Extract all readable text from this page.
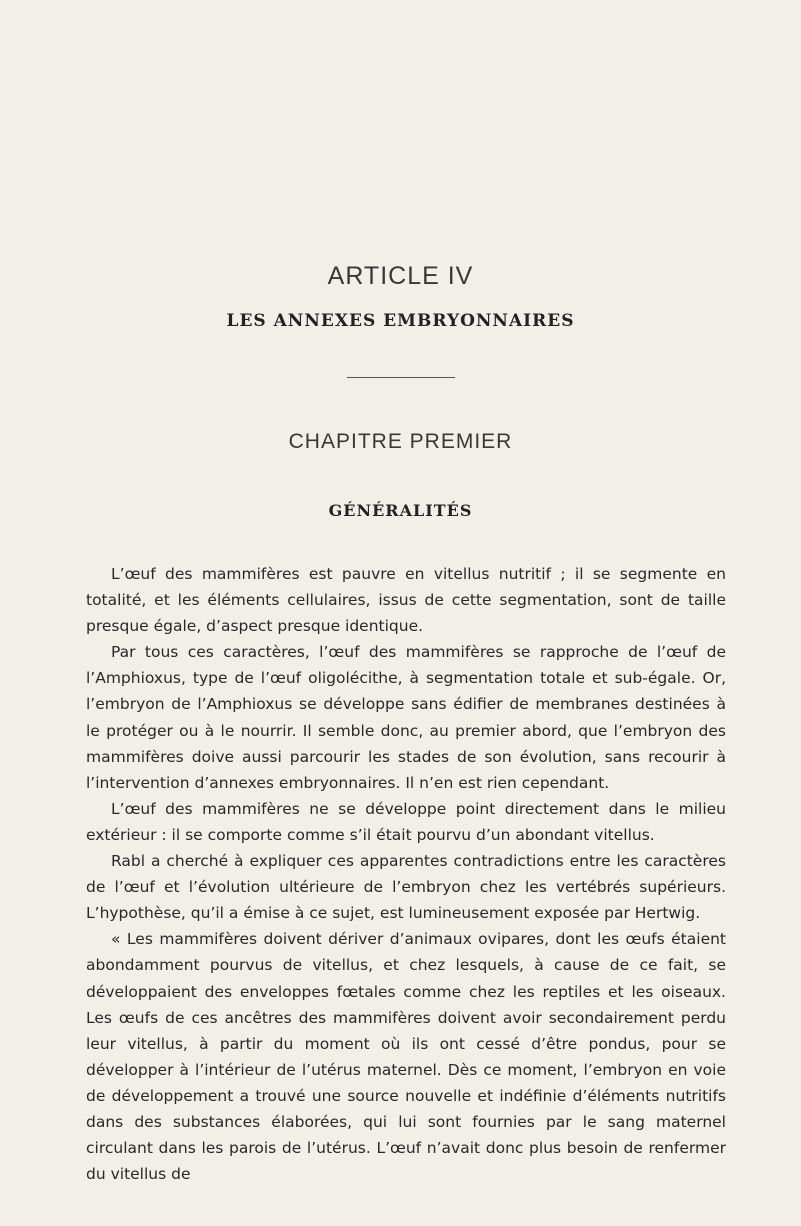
ARTICLE IV
LES ANNEXES EMBRYONNAIRES
CHAPITRE PREMIER
GÉNÉRALITÉS

L’œuf des mammifères est pauvre en vitellus nutritif ; il se segmente en totalité, et les éléments cellulaires, issus de cette segmentation, sont de taille presque égale, d’aspect presque identique.

Par tous ces caractères, l’œuf des mammifères se rapproche de l’œuf de l’Amphioxus, type de l’œuf oligolécithe, à segmentation totale et sub-égale. Or, l’embryon de l’Amphioxus se développe sans édifier de membranes destinées à le protéger ou à le nourrir. Il semble donc, au premier abord, que l’embryon des mammifères doive aussi parcourir les stades de son évolution, sans recourir à l’intervention d’annexes embryonnaires. Il n’en est rien cependant.

L’œuf des mammifères ne se développe point directement dans le milieu extérieur : il se comporte comme s’il était pourvu d’un abondant vitellus.

Rabl a cherché à expliquer ces apparentes contradictions entre les caractères de l’œuf et l’évolution ultérieure de l’embryon chez les vertébrés supérieurs. L’hypothèse, qu’il a émise à ce sujet, est lumineusement exposée par Hertwig.

« Les mammifères doivent dériver d’animaux ovipares, dont les œufs étaient abondamment pourvus de vitellus, et chez lesquels, à cause de ce fait, se développaient des enveloppes fœtales comme chez les reptiles et les oiseaux. Les œufs de ces ancêtres des mammifères doivent avoir secondairement perdu leur vitellus, à partir du moment où ils ont cessé d’être pondus, pour se développer à l’intérieur de l’utérus maternel. Dès ce moment, l’embryon en voie de développement a trouvé une source nouvelle et indéfinie d’éléments nutritifs dans des substances élaborées, qui lui sont fournies par le sang maternel circulant dans les parois de l’utérus. L’œuf n’avait donc plus besoin de renfermer du vitellus de
